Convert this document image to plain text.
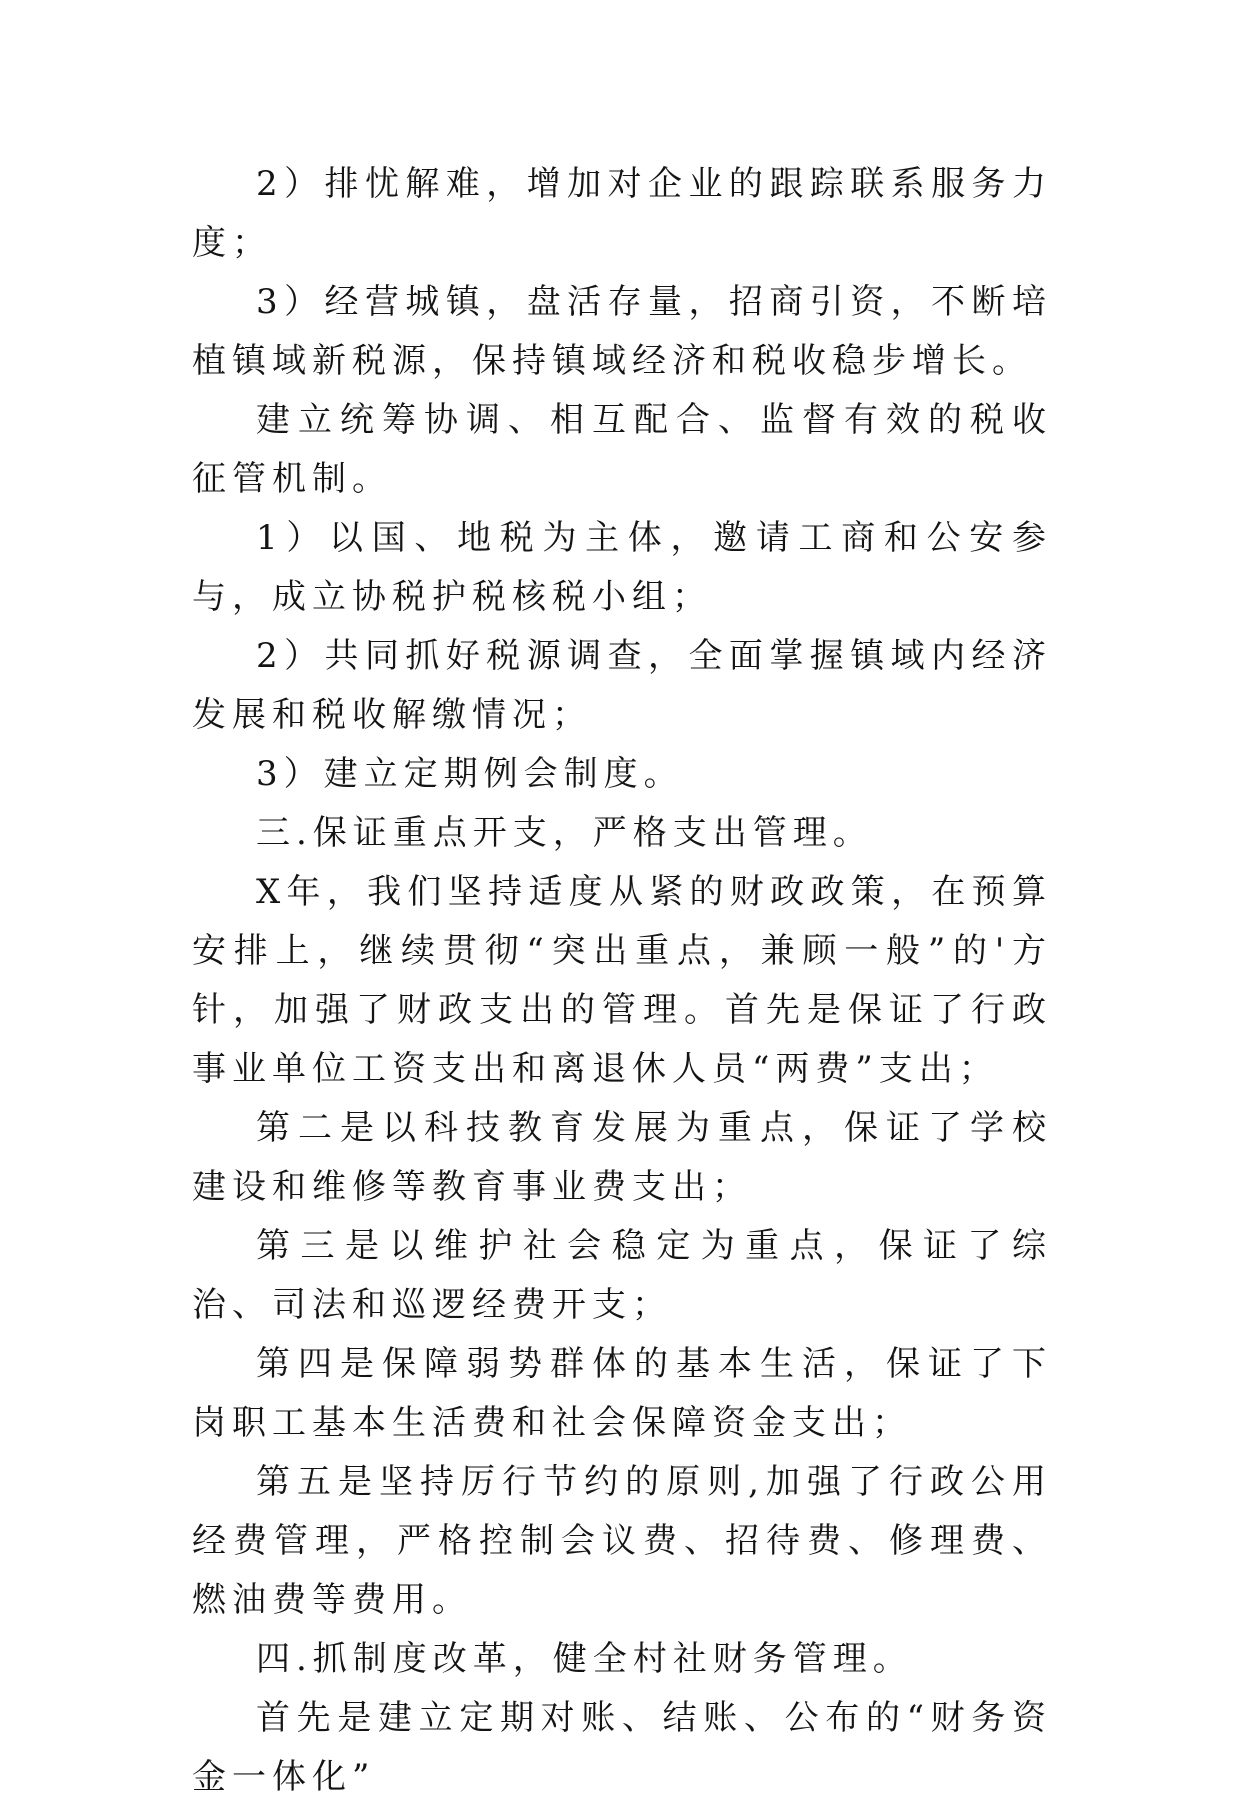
2）排忧解难，增加对企业的跟踪联系服务力度；

3）经营城镇，盘活存量，招商引资，不断培植镇域新税源，保持镇域经济和税收稳步增长。

建立统筹协调、相互配合、监督有效的税收征管机制。

1）以国、地税为主体，邀请工商和公安参与，成立协税护税核税小组；

2）共同抓好税源调查，全面掌握镇域内经济发展和税收解缴情况；

3）建立定期例会制度。

三.保证重点开支，严格支出管理。

X年，我们坚持适度从紧的财政政策，在预算安排上，继续贯彻“突出重点，兼顾一般”的'方针，加强了财政支出的管理。首先是保证了行政事业单位工资支出和离退休人员“两费”支出；

第二是以科技教育发展为重点，保证了学校建设和维修等教育事业费支出；

第三是以维护社会稳定为重点，保证了综治、司法和巡逻经费开支；

第四是保障弱势群体的基本生活，保证了下岗职工基本生活费和社会保障资金支出；

第五是坚持厉行节约的原则,加强了行政公用经费管理，严格控制会议费、招待费、修理费、燃油费等费用。

四.抓制度改革，健全村社财务管理。

首先是建立定期对账、结账、公布的“财务资金一体化”
